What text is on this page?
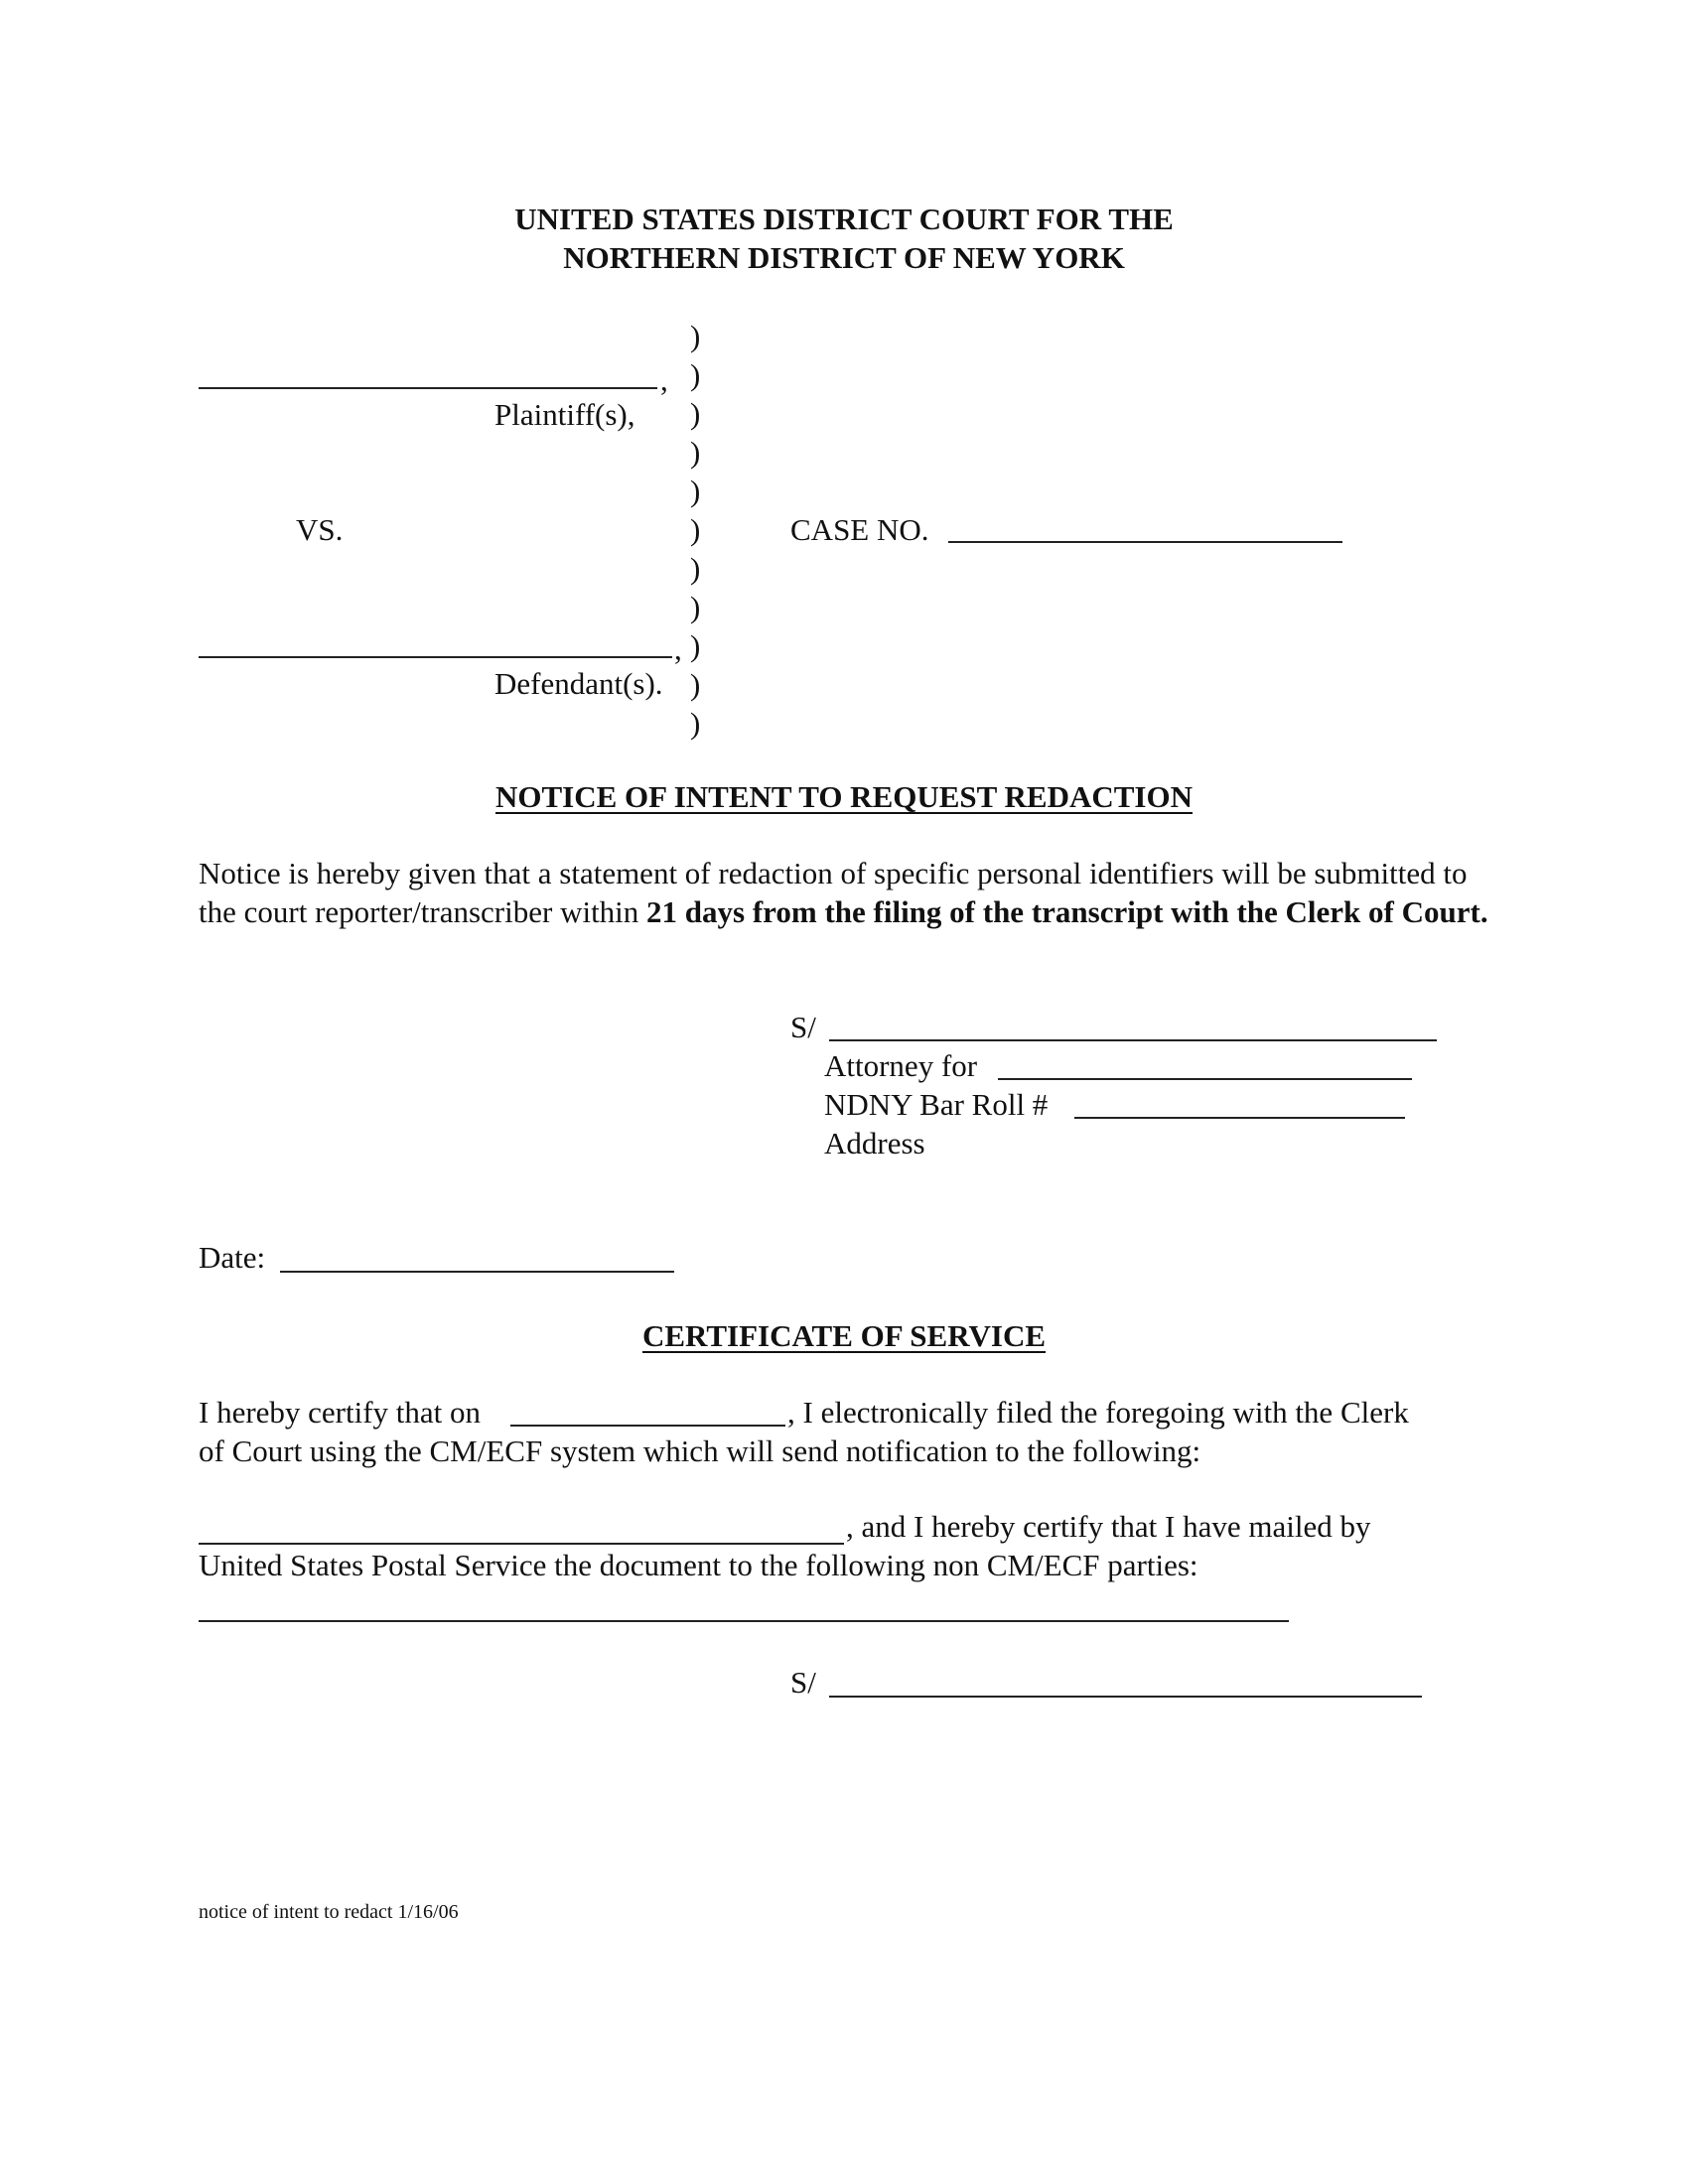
UNITED STATES DISTRICT COURT FOR THE
NORTHERN DISTRICT OF NEW YORK
)
)
)
)
)
)
)
)
)
)
)
,
Plaintiff(s),
VS.	CASE NO.
,
Defendant(s).
NOTICE OF INTENT TO REQUEST REDACTION
Notice is hereby given that a statement of redaction of specific personal identifiers will be submitted to the court reporter/transcriber within 21 days from the filing of the transcript with the Clerk of Court.
S/
Attorney for
NDNY Bar Roll #
Address
Date:
CERTIFICATE OF SERVICE
I hereby certify that on	, I electronically filed the foregoing with the Clerk
of Court using the CM/ECF system which will send notification to the following:
, and I hereby certify that I have mailed by
United States Postal Service the document to the following non CM/ECF parties:
S/
notice of intent to redact 1/16/06
